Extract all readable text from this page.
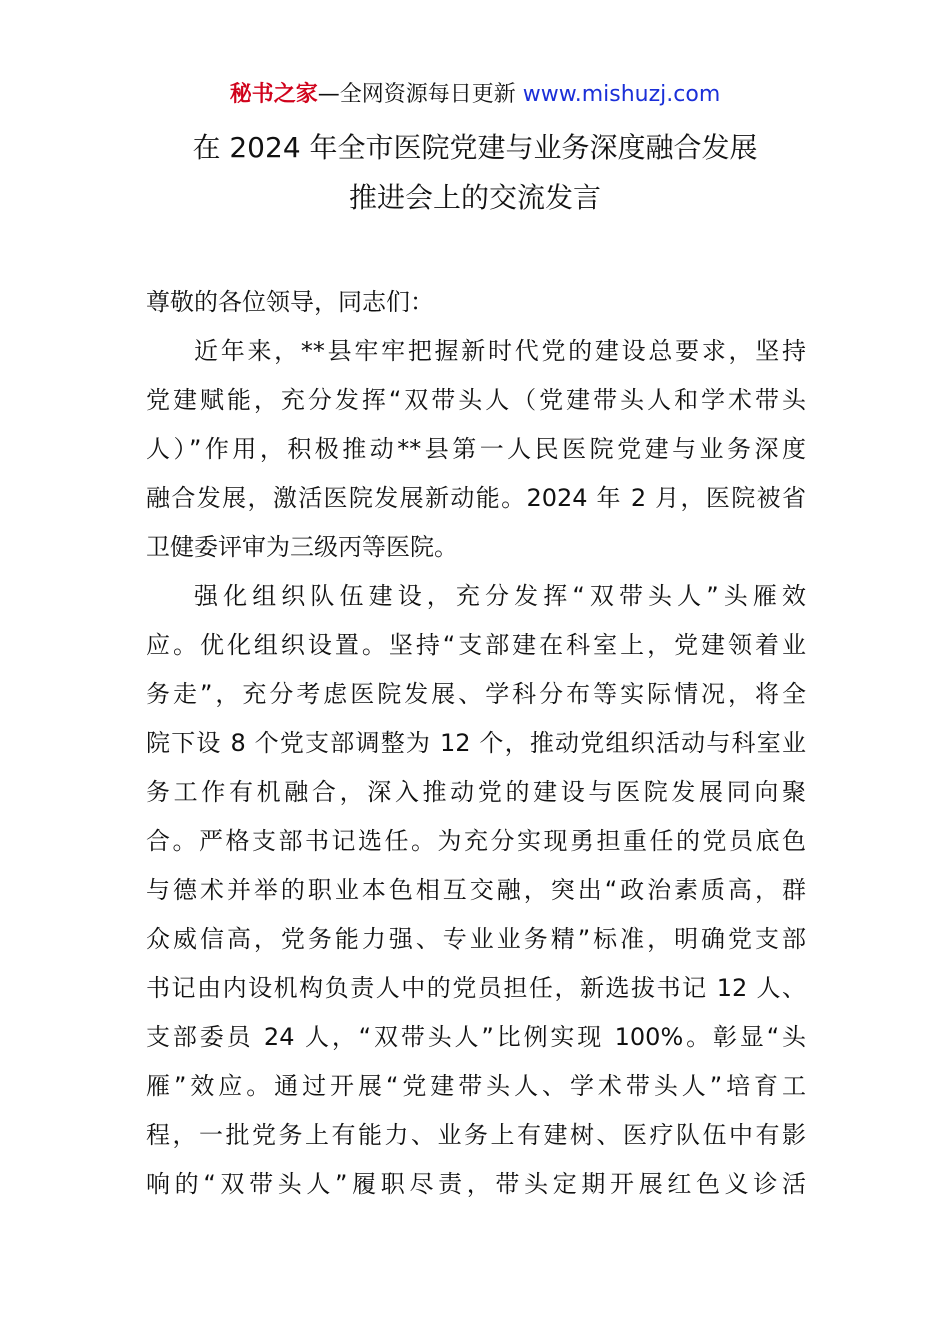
秘书之家—全网资源每日更新 www.mishuzj.com
在 2024 年全市医院党建与业务深度融合发展
推进会上的交流发言
尊敬的各位领导，同志们：
近年来，**县牢牢把握新时代党的建设总要求，坚持
党建赋能，充分发挥“双带头人（党建带头人和学术带头
人）”作用，积极推动**县第一人民医院党建与业务深度
融合发展，激活医院发展新动能。2024 年 2 月，医院被省
卫健委评审为三级丙等医院。
强化组织队伍建设，充分发挥“双带头人”头雁效
应。优化组织设置。坚持“支部建在科室上，党建领着业
务走”，充分考虑医院发展、学科分布等实际情况，将全
院下设 8 个党支部调整为 12 个，推动党组织活动与科室业
务工作有机融合，深入推动党的建设与医院发展同向聚
合。严格支部书记选任。为充分实现勇担重任的党员底色
与德术并举的职业本色相互交融，突出“政治素质高，群
众威信高，党务能力强、专业业务精”标准，明确党支部
书记由内设机构负责人中的党员担任，新选拔书记 12 人、
支部委员 24 人，“双带头人”比例实现 100%。彰显“头
雁”效应。通过开展“党建带头人、学术带头人”培育工
程，一批党务上有能力、业务上有建树、医疗队伍中有影
响的“双带头人”履职尽责，带头定期开展红色义诊活
